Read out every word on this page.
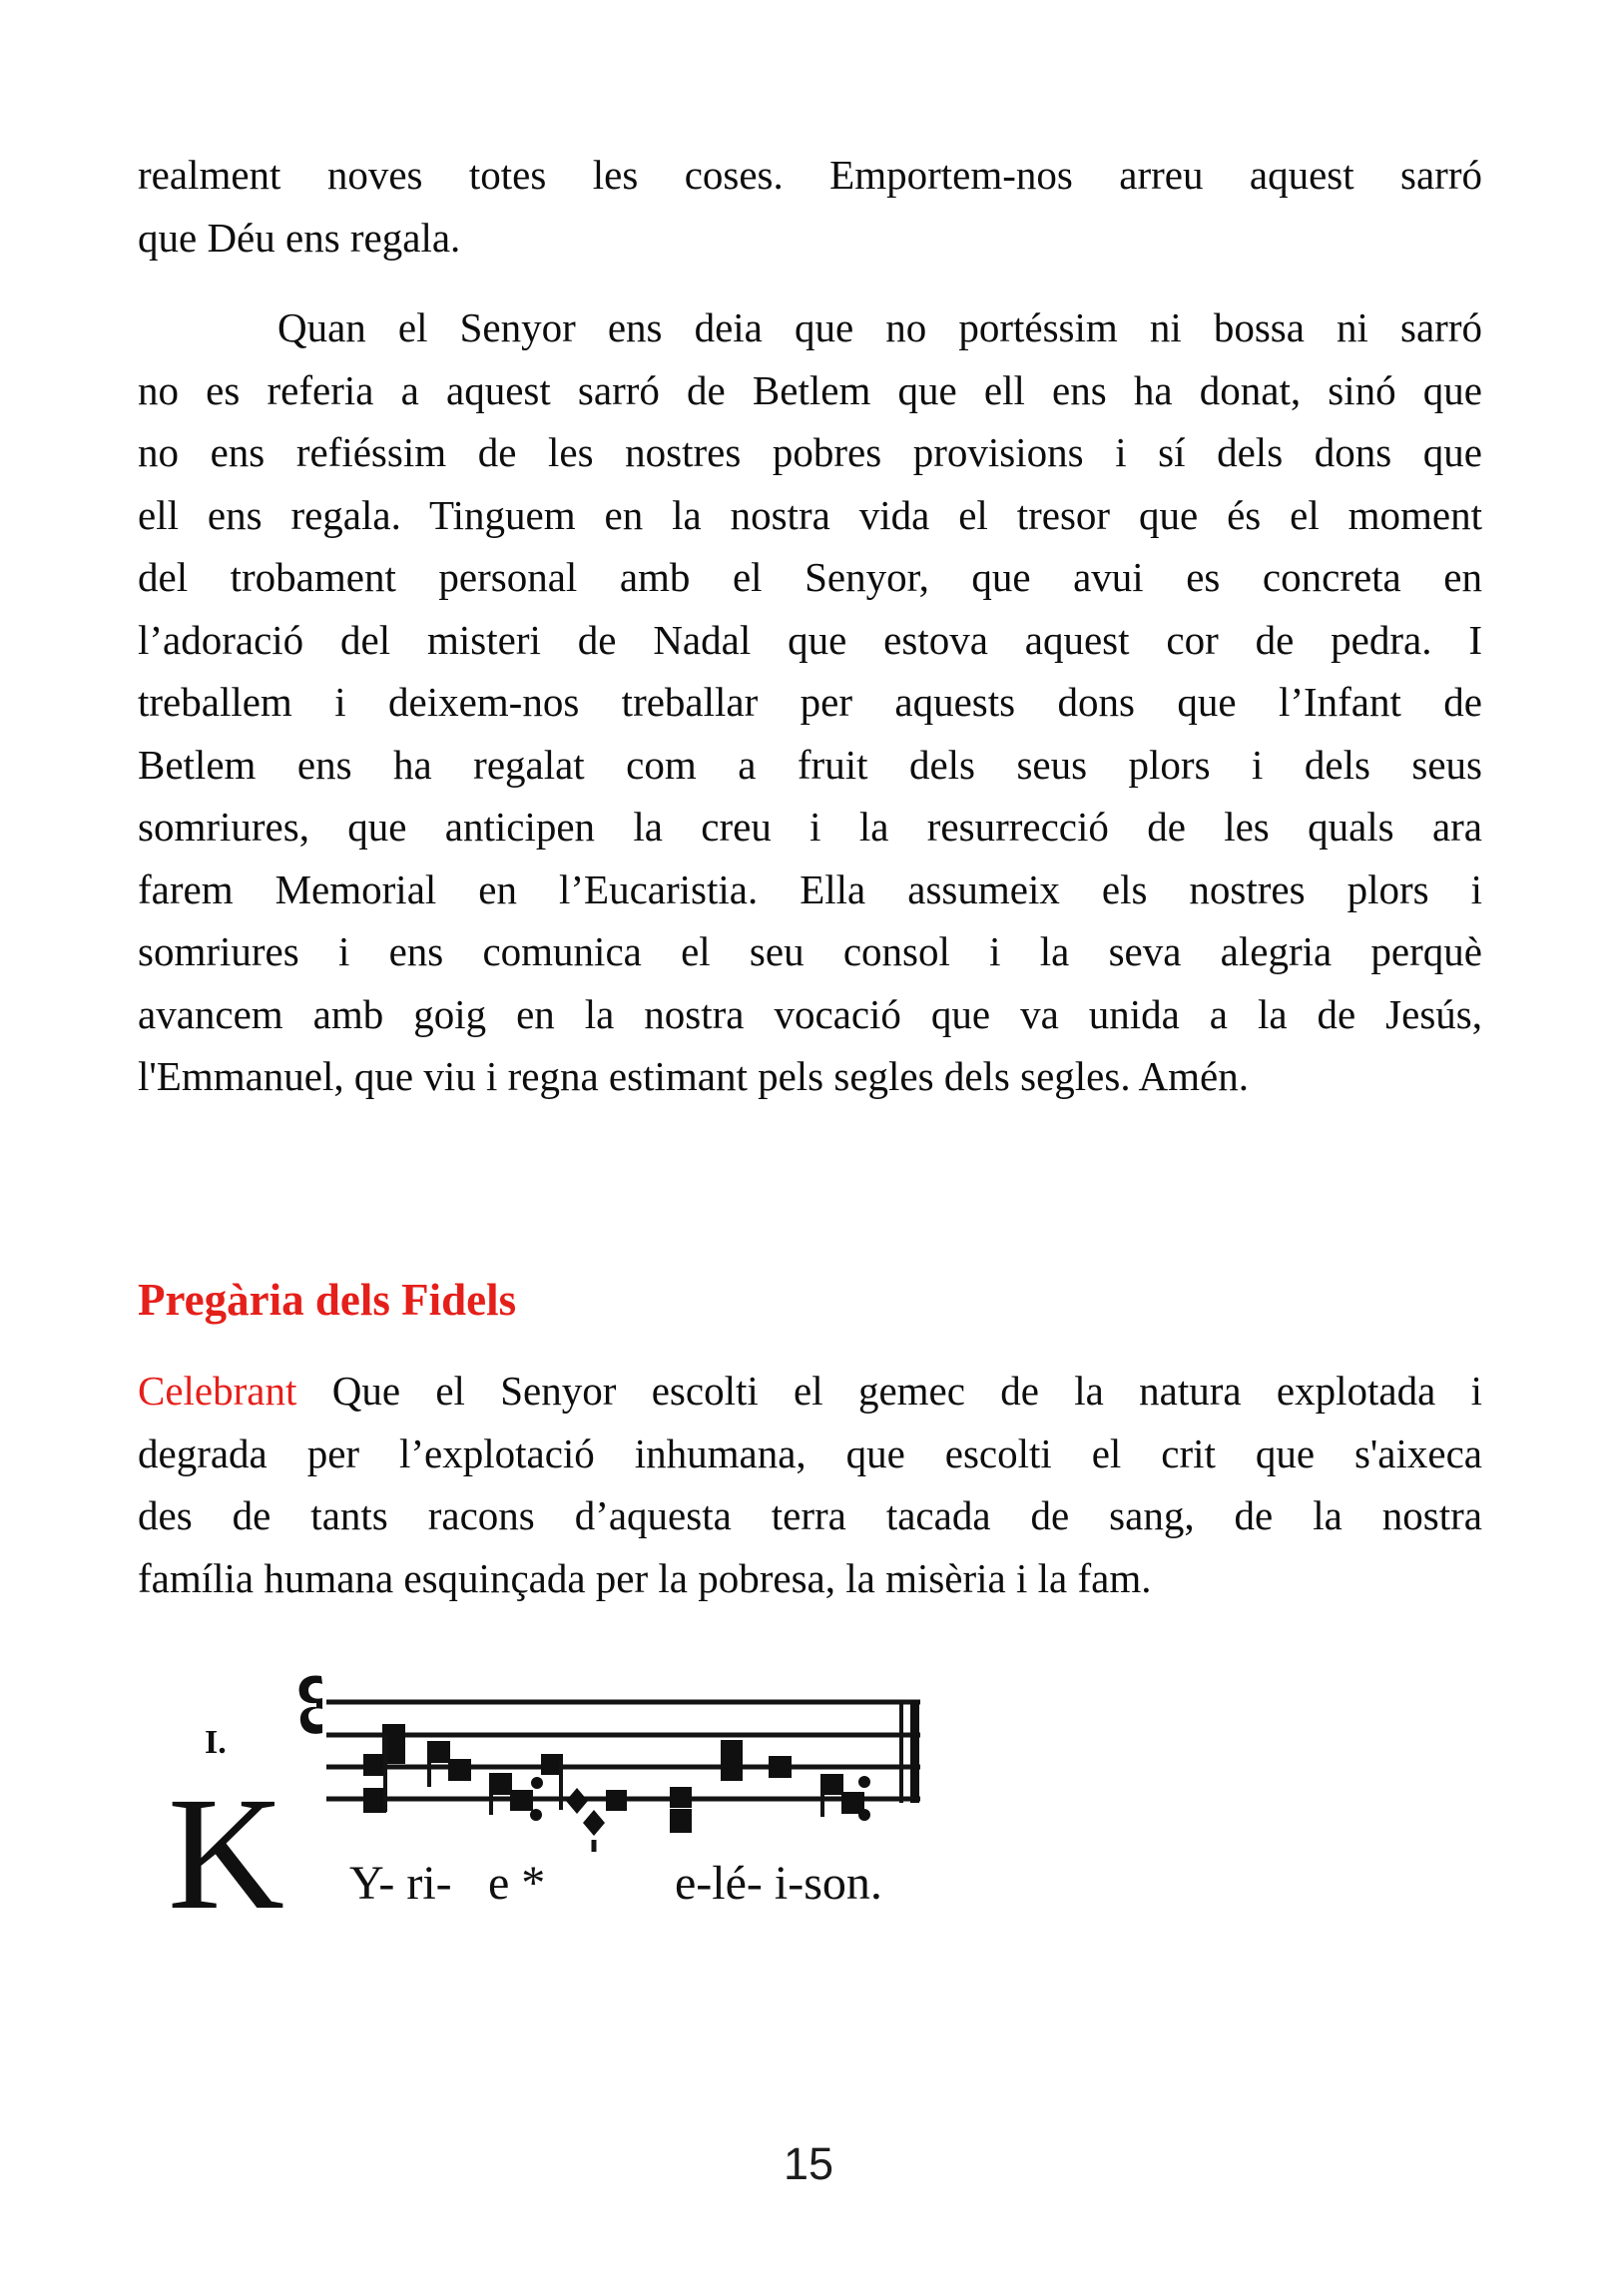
realment noves totes les coses. Emportem-nos arreu aquest sarró
que Déu ens regala.
Quan el Senyor ens deia que no portéssim ni bossa ni sarró
no es referia a aquest sarró de Betlem que ell ens ha donat, sinó que
no ens refiéssim de les nostres pobres provisions i sí dels dons que
ell ens regala. Tinguem en la nostra vida el tresor que és el moment
del trobament personal amb el Senyor, que avui es concreta en
l’adoració del misteri de Nadal que estova aquest cor de pedra. I
treballem i deixem-nos treballar per aquests dons que l’Infant de
Betlem ens ha regalat com a fruit dels seus plors i dels seus
somriures, que anticipen la creu i la resurrecció de les quals ara
farem Memorial en l’Eucaristia. Ella assumeix els nostres plors i
somriures i ens comunica el seu consol i la seva alegria perquè
avancem amb goig en la nostra vocació que va unida a la de Jesús,
l'Emmanuel, que viu i regna estimant pels segles dels segles. Amén.
Pregària dels Fidels
Celebrant Que el Senyor escolti el gemec de la natura explotada i
degrada per l’explotació inhumana, que escolti el crit que s'aixeca
des de tants racons d’aquesta terra tacada de sang, de la nostra
família humana esquinçada per la pobresa, la misèria i la fam.
I.
K Y- ri- e *	e-lé- i-son.
15
